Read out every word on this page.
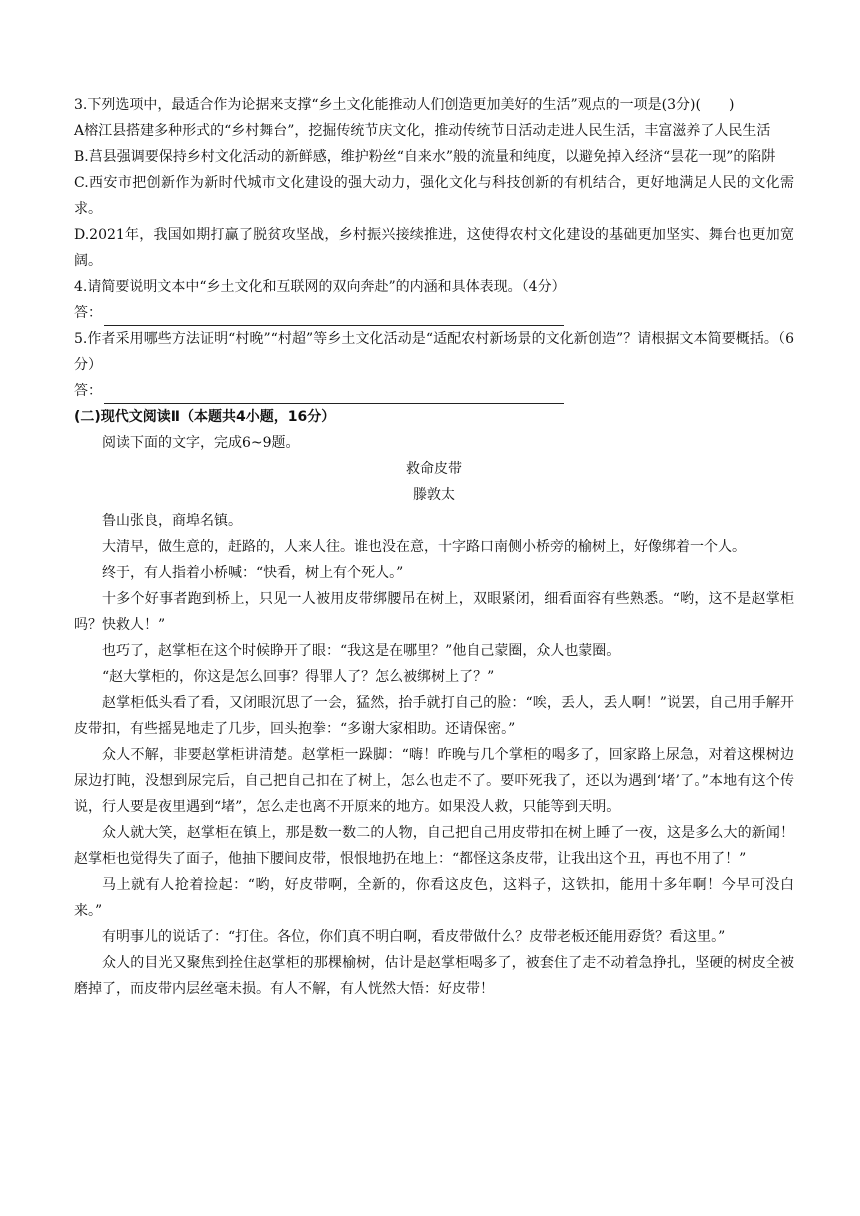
3.下列选项中，最适合作为论据来支撑“乡土文化能推动人们创造更加美好的生活”观点的一项是(3分)(　　)

A榕江县搭建多种形式的“乡村舞台”，挖掘传统节庆文化，推动传统节日活动走进人民生活，丰富滋养了人民生活

B.莒县强调要保持乡村文化活动的新鲜感，维护粉丝“自来水”般的流量和纯度，以避免掉入经济“昙花一现”的陷阱

C.西安市把创新作为新时代城市文化建设的强大动力，强化文化与科技创新的有机结合，更好地满足人民的文化需求。

D.2021年，我国如期打赢了脱贫攻坚战，乡村振兴接续推进，这使得农村文化建设的基础更加坚实、舞台也更加宽阔。

4.请简要说明文本中“乡土文化和互联网的双向奔赴”的内涵和具体表现。（4分）

答：

5.作者采用哪些方法证明“村晚”“村超”等乡土文化活动是“适配农村新场景的文化新创造”？请根据文本简要概括。（6分）

答：

(二)现代文阅读Ⅱ（本题共4小题，16分）

阅读下面的文字，完成6~9题。

救命皮带

滕敦太

鲁山张良，商埠名镇。

大清早，做生意的，赶路的，人来人往。谁也没在意，十字路口南侧小桥旁的榆树上，好像绑着一个人。

终于，有人指着小桥喊：“快看，树上有个死人。”

十多个好事者跑到桥上，只见一人被用皮带绑腰吊在树上，双眼紧闭，细看面容有些熟悉。“哟，这不是赵掌柜吗？快救人！”

也巧了，赵掌柜在这个时候睁开了眼：“我这是在哪里？”他自己蒙圈，众人也蒙圈。

“赵大掌柜的，你这是怎么回事？得罪人了？怎么被绑树上了？”

赵掌柜低头看了看，又闭眼沉思了一会，猛然，抬手就打自己的脸：“唉，丢人，丢人啊！”说罢，自己用手解开皮带扣，有些摇晃地走了几步，回头抱拳：“多谢大家相助。还请保密。”

众人不解，非要赵掌柜讲清楚。赵掌柜一跺脚：“嗨！昨晚与几个掌柜的喝多了，回家路上尿急，对着这棵树边尿边打盹，没想到尿完后，自己把自己扣在了树上，怎么也走不了。要吓死我了，还以为遇到‘堵’了。”本地有这个传说，行人要是夜里遇到“堵”，怎么走也离不开原来的地方。如果没人救，只能等到天明。

众人就大笑，赵掌柜在镇上，那是数一数二的人物，自己把自己用皮带扣在树上睡了一夜，这是多么大的新闻！赵掌柜也觉得失了面子，他抽下腰间皮带，恨恨地扔在地上：“都怪这条皮带，让我出这个丑，再也不用了！”

马上就有人抢着捡起：“哟，好皮带啊，全新的，你看这皮色，这料子，这铁扣，能用十多年啊！今早可没白来。”

有明事儿的说话了：“打住。各位，你们真不明白啊，看皮带做什么？皮带老板还能用孬货？看这里。”

众人的目光又聚焦到拴住赵掌柜的那棵榆树，估计是赵掌柜喝多了，被套住了走不动着急挣扎，坚硬的树皮全被磨掉了，而皮带内层丝毫未损。有人不解，有人恍然大悟：好皮带！
